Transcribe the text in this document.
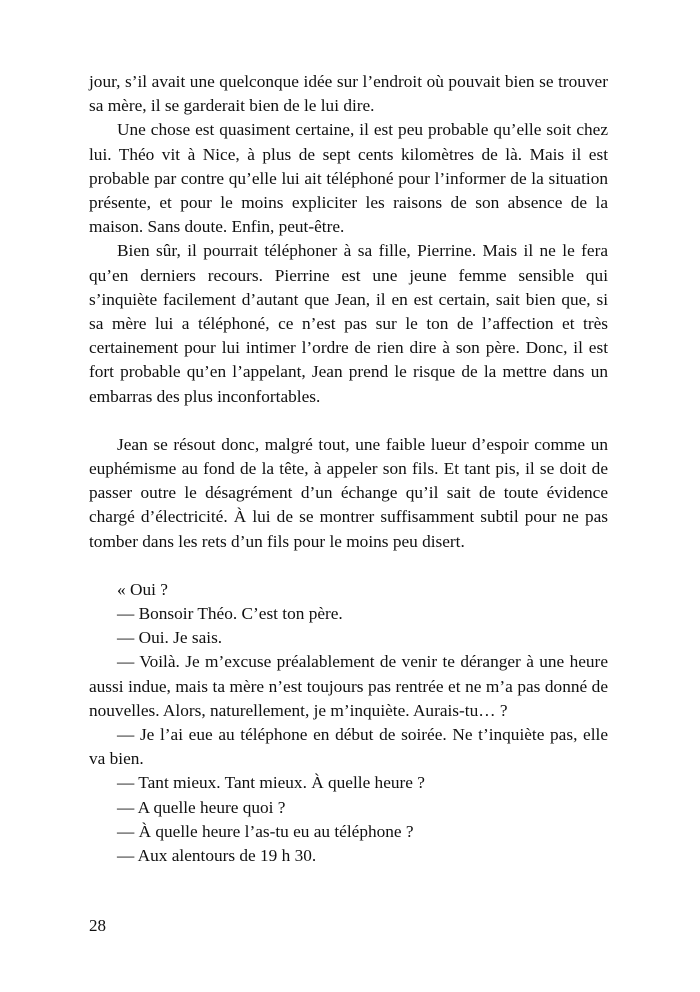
jour, s’il avait une quelconque idée sur l’endroit où pouvait bien se trouver sa mère, il se garderait bien de le lui dire.

Une chose est quasiment certaine, il est peu probable qu’elle soit chez lui. Théo vit à Nice, à plus de sept cents kilomètres de là. Mais il est probable par contre qu’elle lui ait téléphoné pour l’informer de la situation présente, et pour le moins expliciter les raisons de son absence de la maison. Sans doute. Enfin, peut-être.

Bien sûr, il pourrait téléphoner à sa fille, Pierrine. Mais il ne le fera qu’en derniers recours. Pierrine est une jeune femme sensible qui s’inquiète facilement d’autant que Jean, il en est certain, sait bien que, si sa mère lui a téléphoné, ce n’est pas sur le ton de l’affection et très certainement pour lui intimer l’ordre de rien dire à son père. Donc, il est fort probable qu’en l’appelant, Jean prend le risque de la mettre dans un embarras des plus inconfortables.

Jean se résout donc, malgré tout, une faible lueur d’espoir comme un euphémisme au fond de la tête, à appeler son fils. Et tant pis, il se doit de passer outre le désagrément d’un échange qu’il sait de toute évidence chargé d’électricité. À lui de se montrer suffisamment subtil pour ne pas tomber dans les rets d’un fils pour le moins peu disert.

« Oui ?

— Bonsoir Théo. C’est ton père.

— Oui. Je sais.

— Voilà. Je m’excuse préalablement de venir te déranger à une heure aussi indue, mais ta mère n’est toujours pas rentrée et ne m’a pas donné de nouvelles. Alors, naturellement, je m’inquiète. Aurais-tu… ?

— Je l’ai eue au téléphone en début de soirée. Ne t’inquiète pas, elle va bien.

— Tant mieux. Tant mieux. À quelle heure ?

— A quelle heure quoi ?

— À quelle heure l’as-tu eu au téléphone ?

— Aux alentours de 19 h 30.

28
